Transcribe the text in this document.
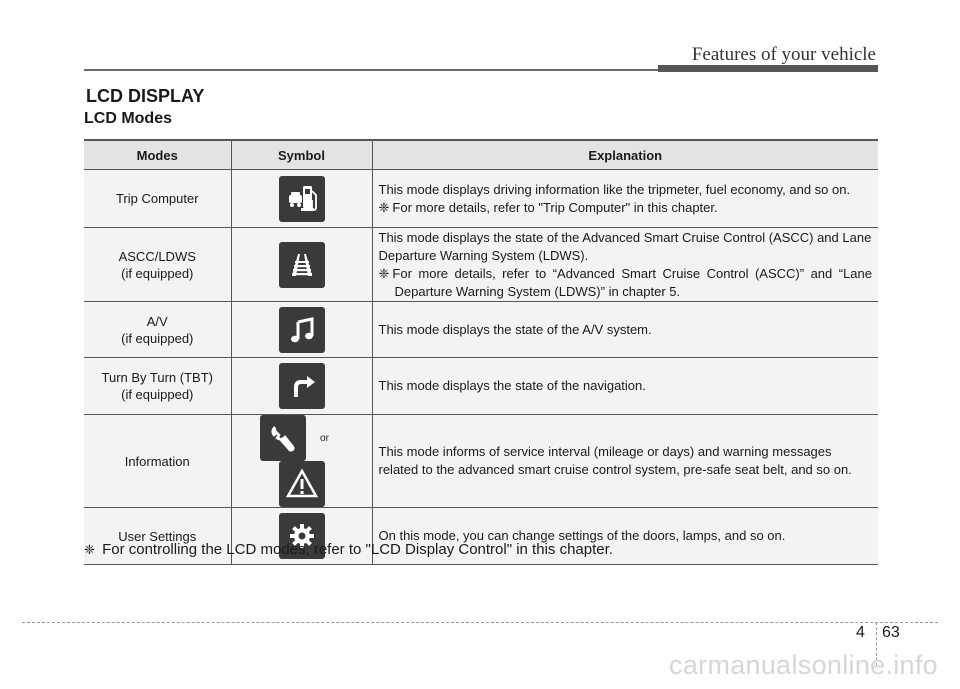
Features of your vehicle
LCD DISPLAY
LCD Modes
Modes	Symbol	Explanation

Trip Computer		This mode displays driving information like the tripmeter, fuel economy, and so on.
❈ For more details, refer to "Trip Computer" in this chapter.

ASCC/LDWS
(if equipped)		This mode displays the state of the Advanced Smart Cruise Control (ASCC) and Lane Departure Warning System (LDWS).
❈ For more details, refer to “Advanced Smart Cruise Control (ASCC)” and “Lane Departure Warning System (LDWS)” in chapter 5.

A/V
(if equipped)		This mode displays the state of the A/V system.

Turn By Turn (TBT)
(if equipped)		This mode displays the state of the navigation.

Information	or	This mode informs of service interval (mileage or days) and warning messages related to the advanced smart cruise control system, pre-safe seat belt, and so on.

User Settings		On this mode, you can change settings of the doors, lamps, and so on.
❈ For controlling the LCD modes, refer to "LCD Display Control" in this chapter.
4 63
carmanualsonline.info
